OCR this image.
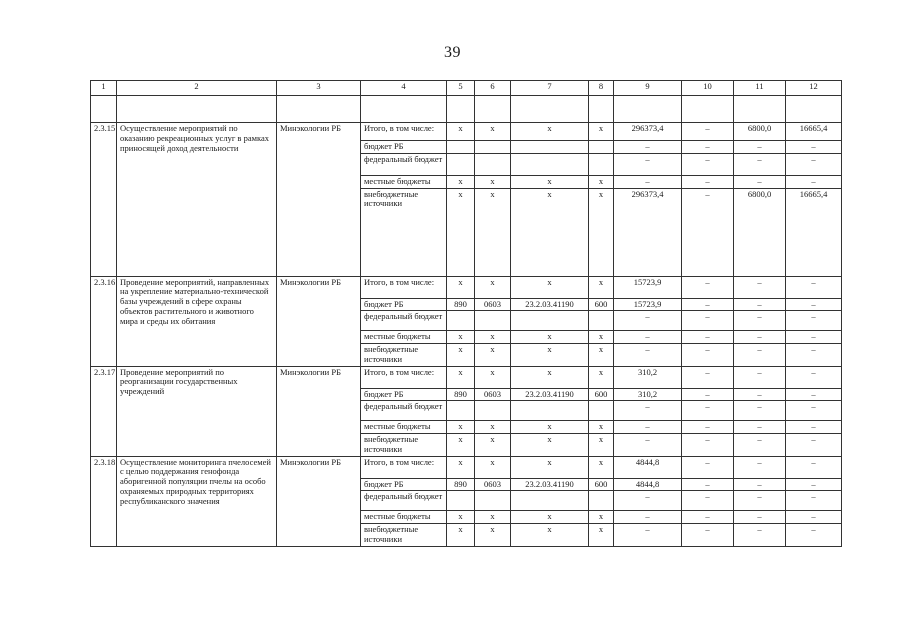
39
1	2	3	4	5	6	7	8	9	10	11	12

2.3.15	Осуществление мероприятий по оказанию рекреационных услуг в рамках приносящей доход деятельности	Минэкологии РБ	Итого, в том числе:	x	x	x	x	296373,4	–	6800,0	16665,4
			бюджет РБ					–	–	–	–
			федеральный бюджет					–	–	–	–
			местные бюджеты	x	x	x	x	–	–	–	–
			внебюджетные источники	x	x	x	x	296373,4	–	6800,0	16665,4
2.3.16	Проведение мероприятий, направленных на укрепление материально-технической базы учреждений в сфере охраны объектов растительного и животного мира и среды их обитания	Минэкологии РБ	Итого, в том числе:	x	x	x	x	15723,9	–	–	–
			бюджет РБ	890	0603	23.2.03.41190	600	15723,9	–	–	–
			федеральный бюджет					–	–	–	–
			местные бюджеты	x	x	x	x	–	–	–	–
			внебюджетные источники	x	x	x	x	–	–	–	–
2.3.17	Проведение мероприятий по реорганизации государственных учреждений	Минэкологии РБ	Итого, в том числе:	x	x	x	x	310,2	–	–	–
			бюджет РБ	890	0603	23.2.03.41190	600	310,2	–	–	–
			федеральный бюджет					–	–	–	–
			местные бюджеты	x	x	x	x	–	–	–	–
			внебюджетные источники	x	x	x	x	–	–	–	–
2.3.18	Осуществление мониторинга пчелосемей с целью поддержания генофонда аборигенной популяции пчелы на особо охраняемых природных территориях республиканского значения	Минэкологии РБ	Итого, в том числе:	x	x	x	x	4844,8	–	–	–
			бюджет РБ	890	0603	23.2.03.41190	600	4844,8	–	–	–
			федеральный бюджет					–	–	–	–
			местные бюджеты	x	x	x	x	–	–	–	–
			внебюджетные источники	x	x	x	x	–	–	–	–
